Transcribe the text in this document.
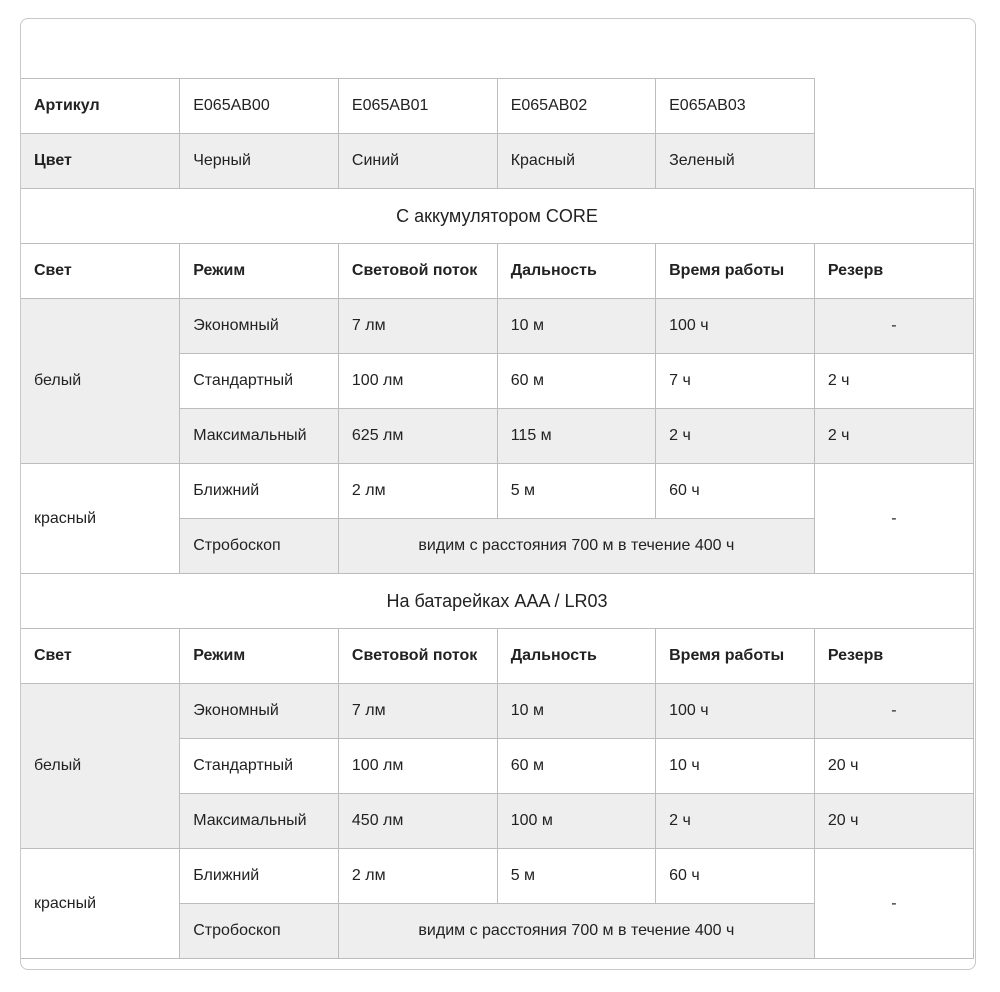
Артикул	E065AB00	E065AB01	E065AB02	E065AB03	
Цвет	Черный	Синий	Красный	Зеленый	
С аккумулятором CORE					
Свет	Режим	Световой поток	Дальность	Время работы	Резерв
белый	Экономный	7 лм	10 м	100 ч	-
	Стандартный	100 лм	60 м	7 ч	2 ч
	Максимальный	625 лм	115 м	2 ч	2 ч
красный	Ближний	2 лм	5 м	60 ч	-
	Стробоскоп	видим с расстояния 700 м в течение 400 ч			
На батарейках AAA / LR03					
Свет	Режим	Световой поток	Дальность	Время работы	Резерв
белый	Экономный	7 лм	10 м	100 ч	-
	Стандартный	100 лм	60 м	10 ч	20 ч
	Максимальный	450 лм	100 м	2 ч	20 ч
красный	Ближний	2 лм	5 м	60 ч	-
	Стробоскоп	видим с расстояния 700 м в течение 400 ч			
